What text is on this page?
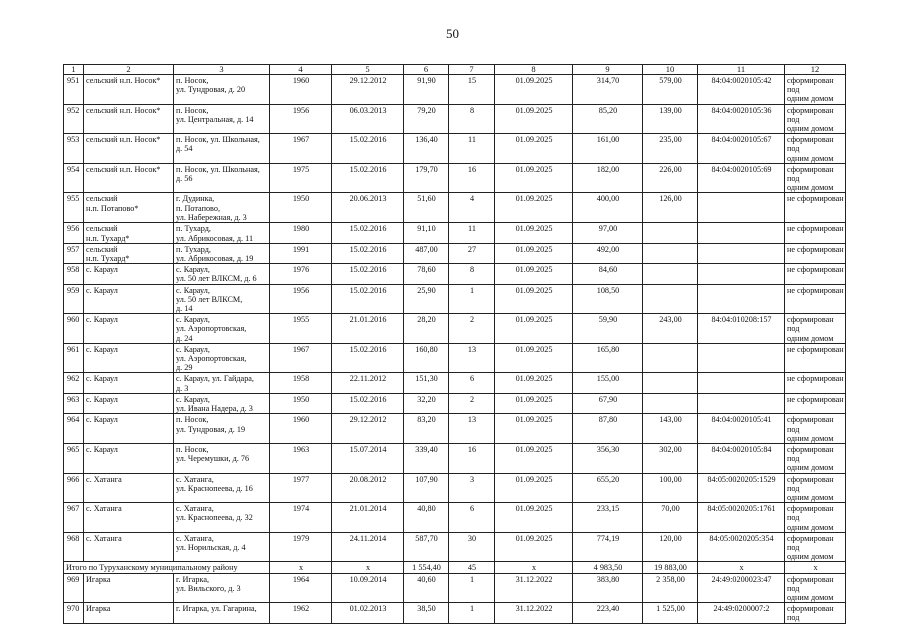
50
1	2	3	4	5	6	7	8	9	10	11	12
951	сельский н.п. Носок*	п. Носок,
ул. Тундровая, д. 20	1960	29.12.2012	91,90	15	01.09.2025	314,70	579,00	84:04:0020105:42	сформирован под
одним домом
952	сельский н.п. Носок*	п. Носок,
ул. Центральная, д. 14	1956	06.03.2013	79,20	8	01.09.2025	85,20	139,00	84:04:0020105:36	сформирован под
одним домом
953	сельский н.п. Носок*	п. Носок, ул. Школьная,
д. 54	1967	15.02.2016	136,40	11	01.09.2025	161,00	235,00	84:04:0020105:67	сформирован под
одним домом
954	сельский н.п. Носок*	п. Носок, ул. Школьная,
д. 56	1975	15.02.2016	179,70	16	01.09.2025	182,00	226,00	84:04:0020105:69	сформирован под
одним домом
955	сельский
н.п. Потапово*	г. Дудинка,
п. Потапово,
ул. Набережная, д. 3	1950	20.06.2013	51,60	4	01.09.2025	400,00	126,00		не сформирован
956	сельский
н.п. Тухард*	п. Тухард,
ул. Абрикосовая, д. 11	1980	15.02.2016	91,10	11	01.09.2025	97,00			не сформирован
957	сельский
н.п. Тухард*	п. Тухард,
ул. Абрикосовая, д. 19	1991	15.02.2016	487,00	27	01.09.2025	492,00			не сформирован
958	с. Караул	с. Караул,
ул. 50 лет ВЛКСМ, д. 6	1976	15.02.2016	78,60	8	01.09.2025	84,60			не сформирован
959	с. Караул	с. Караул,
ул. 50 лет ВЛКСМ,
д. 14	1956	15.02.2016	25,90	1	01.09.2025	108,50			не сформирован
960	с. Караул	с. Караул,
ул. Аэропортовская,
д. 24	1955	21.01.2016	28,20	2	01.09.2025	59,90	243,00	84:04:010208:157	сформирован под
одним домом
961	с. Караул	с. Караул,
ул. Аэропортовская,
д. 29	1967	15.02.2016	160,80	13	01.09.2025	165,80			не сформирован
962	с. Караул	с. Караул, ул. Гайдара,
д. 3	1958	22.11.2012	151,30	6	01.09.2025	155,00			не сформирован
963	с. Караул	с. Караул,
ул. Ивана Надера, д. 3	1950	15.02.2016	32,20	2	01.09.2025	67,90			не сформирован
964	с. Караул	п. Носок,
ул. Тундровая, д. 19	1960	29.12.2012	83,20	13	01.09.2025	87,80	143,00	84:04:0020105:41	сформирован под
одним домом
965	с. Караул	п. Носок,
ул. Черемушки, д. 76	1963	15.07.2014	339,40	16	01.09.2025	356,30	302,00	84:04:0020105:84	сформирован под
одним домом
966	с. Хатанга	с. Хатанга,
ул. Краснопеева, д. 16	1977	20.08.2012	107,90	3	01.09.2025	655,20	100,00	84:05:0020205:1529	сформирован под
одним домом
967	с. Хатанга	с. Хатанга,
ул. Краснопеева, д. 32	1974	21.01.2014	40,80	6	01.09.2025	233,15	70,00	84:05:0020205:1761	сформирован под
одним домом
968	с. Хатанга	с. Хатанга,
ул. Норильская, д. 4	1979	24.11.2014	587,70	30	01.09.2025	774,19	120,00	84:05:0020205:354	сформирован под
одним домом
Итого по Туруханскому муниципальному району			x	x	1 554,40	45	x	4 983,50	19 883,00	x	x
969	Игарка	г. Игарка,
ул. Вильского, д. 3	1964	10.09.2014	40,60	1	31.12.2022	383,80	2 358,00	24:49:0200023:47	сформирован под
одним домом
970	Игарка	г. Игарка, ул. Гагарина,	1962	01.02.2013	38,50	1	31.12.2022	223,40	1 525,00	24:49:0200007:2	сформирован под
